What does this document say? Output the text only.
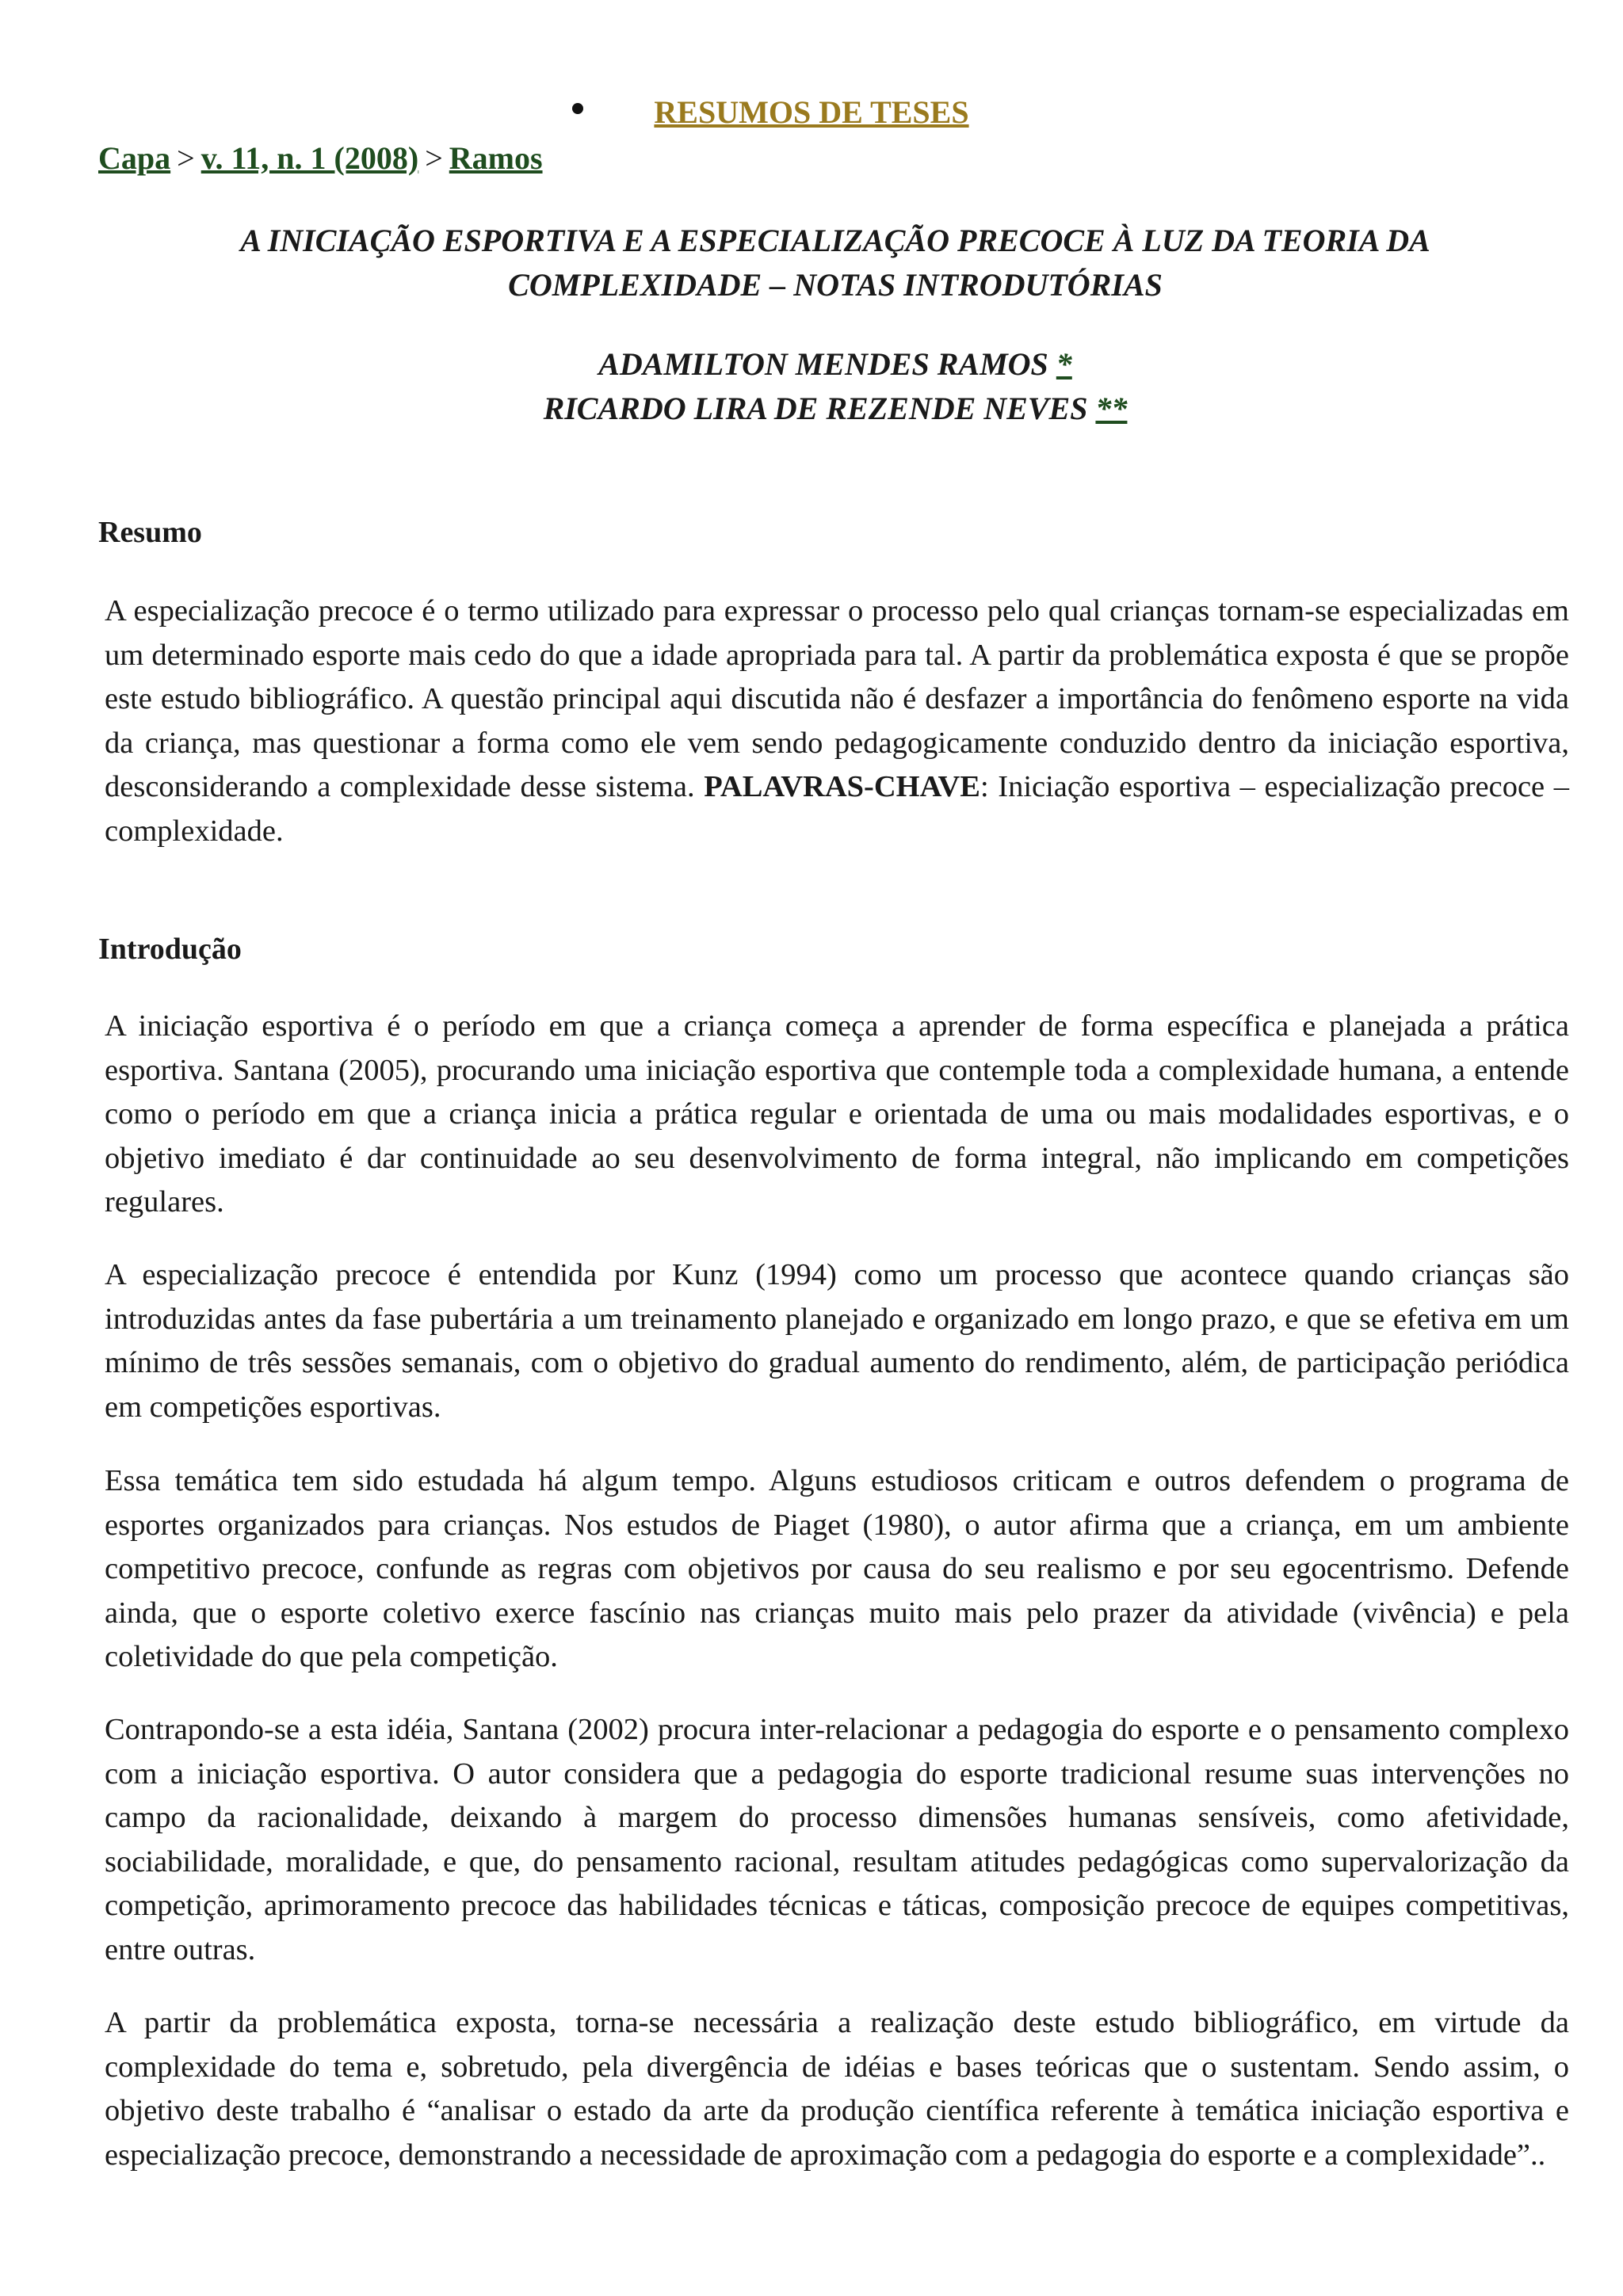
RESUMOS DE TESES
Capa > v. 11, n. 1 (2008) > Ramos
A INICIAÇÃO ESPORTIVA E A ESPECIALIZAÇÃO PRECOCE À LUZ DA TEORIA DA
COMPLEXIDADE – NOTAS INTRODUTÓRIAS
ADAMILTON MENDES RAMOS *
RICARDO LIRA DE REZENDE NEVES **
Resumo

A especialização precoce é o termo utilizado para expressar o processo pelo qual crianças tornam-se especializadas em um determinado esporte mais cedo do que a idade apropriada para tal. A partir da problemática exposta é que se propõe este estudo bibliográfico. A questão principal aqui discutida não é desfazer a importância do fenômeno esporte na vida da criança, mas questionar a forma como ele vem sendo pedagogicamente conduzido dentro da iniciação esportiva, desconsiderando a complexidade desse sistema. PALAVRAS-CHAVE: Iniciação esportiva – especialização precoce – complexidade.

Introdução

A iniciação esportiva é o período em que a criança começa a aprender de forma específica e planejada a prática esportiva. Santana (2005), procurando uma iniciação esportiva que contemple toda a complexidade humana, a entende como o período em que a criança inicia a prática regular e orientada de uma ou mais modalidades esportivas, e o objetivo imediato é dar continuidade ao seu desenvolvimento de forma integral, não implicando em competições regulares.

A especialização precoce é entendida por Kunz (1994) como um processo que acontece quando crianças são introduzidas antes da fase pubertária a um treinamento planejado e organizado em longo prazo, e que se efetiva em um mínimo de três sessões semanais, com o objetivo do gradual aumento do rendimento, além, de participação periódica em competições esportivas.

Essa temática tem sido estudada há algum tempo. Alguns estudiosos criticam e outros defendem o programa de esportes organizados para crianças. Nos estudos de Piaget (1980), o autor afirma que a criança, em um ambiente competitivo precoce, confunde as regras com objetivos por causa do seu realismo e por seu egocentrismo. Defende ainda, que o esporte coletivo exerce fascínio nas crianças muito mais pelo prazer da atividade (vivência) e pela coletividade do que pela competição.

Contrapondo-se a esta idéia, Santana (2002) procura inter-relacionar a pedagogia do esporte e o pensamento complexo com a iniciação esportiva. O autor considera que a pedagogia do esporte tradicional resume suas intervenções no campo da racionalidade, deixando à margem do processo dimensões humanas sensíveis, como afetividade, sociabilidade, moralidade, e que, do pensamento racional, resultam atitudes pedagógicas como supervalorização da competição, aprimoramento precoce das habilidades técnicas e táticas, composição precoce de equipes competitivas, entre outras.

A partir da problemática exposta, torna-se necessária a realização deste estudo bibliográfico, em virtude da complexidade do tema e, sobretudo, pela divergência de idéias e bases teóricas que o sustentam. Sendo assim, o objetivo deste trabalho é “analisar o estado da arte da produção científica referente à temática iniciação esportiva e especialização precoce, demonstrando a necessidade de aproximação com a pedagogia do esporte e a complexidade”..
